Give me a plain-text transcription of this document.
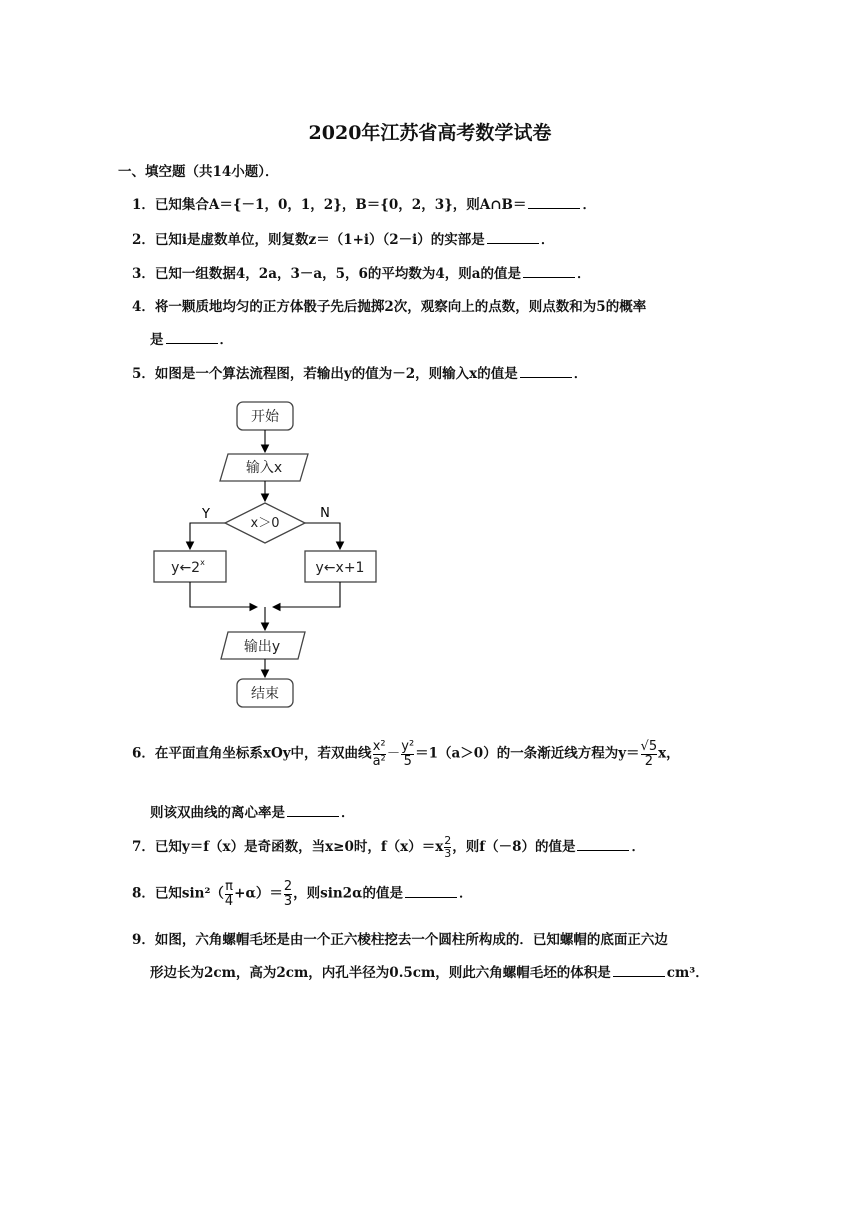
2020年江苏省高考数学试卷
一、填空题（共14小题）．
1．已知集合A＝{－1，0，1，2}，B＝{0，2，3}，则A∩B＝	．
2．已知i是虚数单位，则复数z＝（1+i）（2－i）的实部是	．
3．已知一组数据4，2a，3－a，5，6的平均数为4，则a的值是	．
4．将一颗质地均匀的正方体骰子先后抛掷2次，观察向上的点数，则点数和为5的概率
是	．
5．如图是一个算法流程图，若输出y的值为－2，则输入x的值是	．
开始
输入x
x＞0
Y	N
y←2$^x$	y←x+1
输出y
结束
6．在平面直角坐标系xOy中，若双曲线 $\frac{\text{x²}}{\text{a²}} - \frac{\text{y²}}{5} =1(a>0)$的一条渐近线方程为$y= \frac{√5}{2}$ x，
则该双曲线的离心率是	．
7．已知y＝f（x）是奇函数，当x≥0时，$f(x)=x \frac{2}{3}$ ，则f（－8）的值是	．
8．已知$\sin^2( \frac{\pi}{4} +\alpha)= \frac{2}{3}$ ，则sin2α的值是	．
9．如图，六角螺帽毛坯是由一个正六棱柱挖去一个圆柱所构成的．已知螺帽的底面正六边
形边长为2cm，高为2cm，内孔半径为0.5cm，则此六角螺帽毛坯的体积是	cm³．
